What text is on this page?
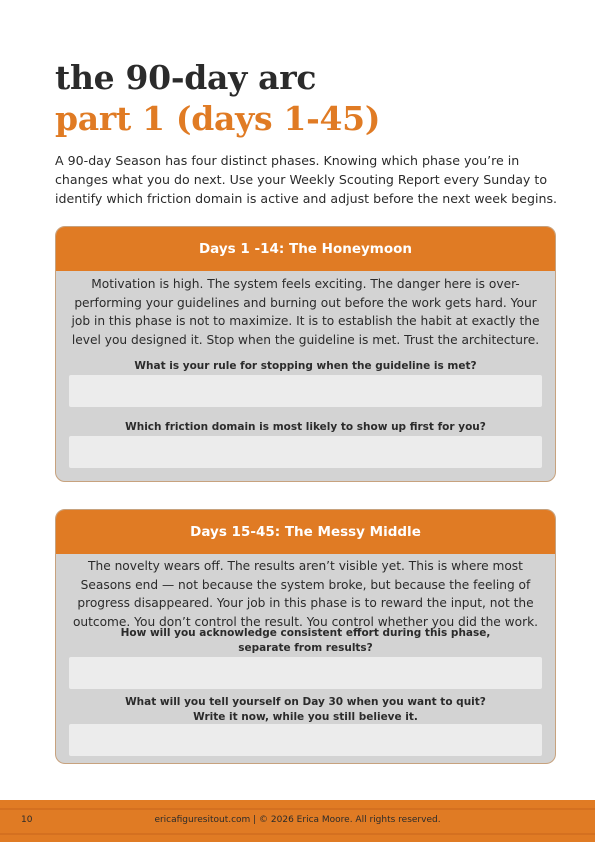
the 90-day arc
part 1 (days 1-45)

A 90-day Season has four distinct phases. Knowing which phase you’re in changes what you do next. Use your Weekly Scouting Report every Sunday to identify which friction domain is active and adjust before the next week begins.

Days 1 -14: The Honeymoon
Motivation is high. The system feels exciting. The danger here is over-performing your guidelines and burning out before the work gets hard. Your job in this phase is not to maximize. It is to establish the habit at exactly the level you designed it. Stop when the guideline is met. Trust the architecture.
What is your rule for stopping when the guideline is met?
Which friction domain is most likely to show up first for you?
Days 15-45: The Messy Middle
The novelty wears off. The results aren’t visible yet. This is where most Seasons end — not because the system broke, but because the feeling of progress disappeared. Your job in this phase is to reward the input, not the outcome. You don’t control the result. You control whether you did the work.
How will you acknowledge consistent effort during this phase, separate from results?
What will you tell yourself on Day 30 when you want to quit? Write it now, while you still believe it.
10	ericafiguresitout.com | © 2026 Erica Moore. All rights reserved.
